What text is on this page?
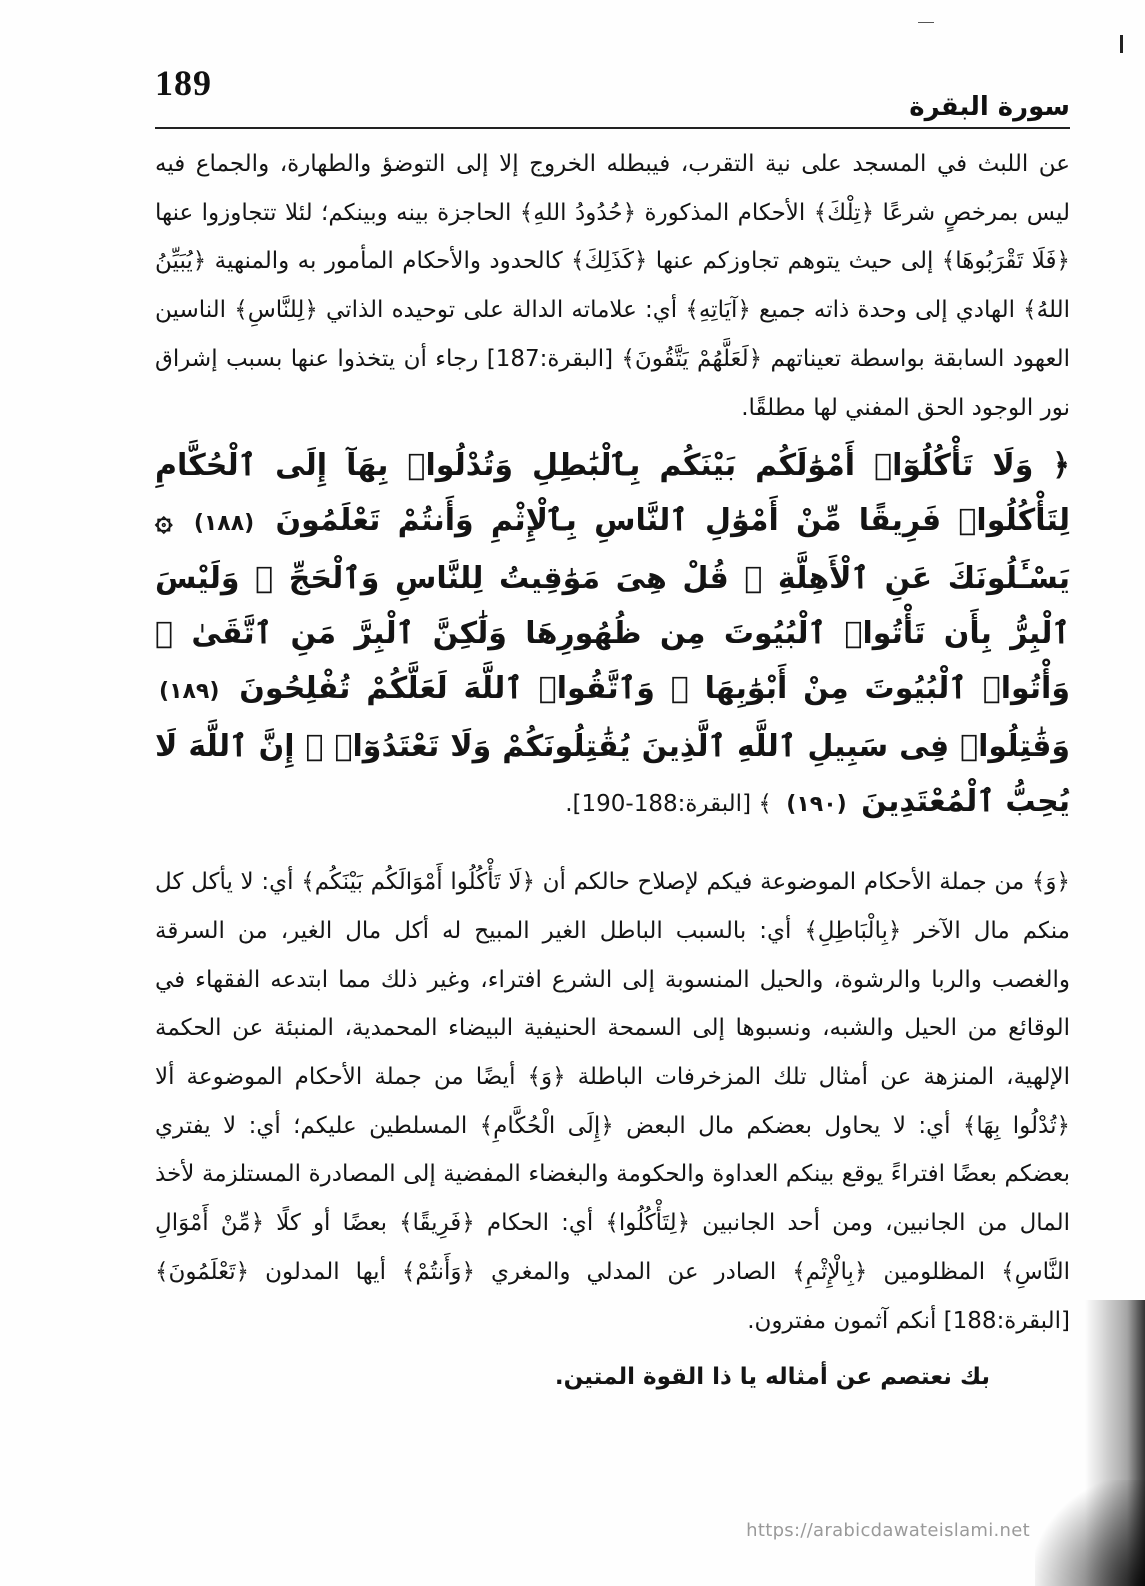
189
سورة البقرة

عن اللبث في المسجد على نية التقرب، فيبطله الخروج إلا إلى التوضؤ والطهارة، والجماع فيه ليس بمرخصٍ شرعًا ﴿تِلْكَ﴾ الأحكام المذكورة ﴿حُدُودُ اللهِ﴾ الحاجزة بينه وبينكم؛ لئلا تتجاوزوا عنها ﴿فَلَا تَقْرَبُوهَا﴾ إلى حيث يتوهم تجاوزكم عنها ﴿كَذَلِكَ﴾ كالحدود والأحكام المأمور به والمنهية ﴿يُبَيِّنُ اللهُ﴾ الهادي إلى وحدة ذاته جميع ﴿آيَاتِهِ﴾ أي: علاماته الدالة على توحيده الذاتي ﴿لِلنَّاسِ﴾ الناسين العهود السابقة بواسطة تعيناتهم ﴿لَعَلَّهُمْ يَتَّقُونَ﴾ [البقرة:187] رجاء أن يتخذوا عنها بسبب إشراق نور الوجود الحق المفني لها مطلقًا.

﴿ وَلَا تَأْكُلُوٓا۟ أَمْوَٰلَكُم بَيْنَكُم بِٱلْبَٰطِلِ وَتُدْلُوا۟ بِهَآ إِلَى ٱلْحُكَّامِ لِتَأْكُلُوا۟ فَرِيقًا مِّنْ أَمْوَٰلِ ٱلنَّاسِ بِٱلْإِثْمِ وَأَنتُمْ تَعْلَمُونَ (١٨٨) ۞ يَسْـَٔلُونَكَ عَنِ ٱلْأَهِلَّةِ ۖ قُلْ هِىَ مَوَٰقِيتُ لِلنَّاسِ وَٱلْحَجِّ ۗ وَلَيْسَ ٱلْبِرُّ بِأَن تَأْتُوا۟ ٱلْبُيُوتَ مِن ظُهُورِهَا وَلَٰكِنَّ ٱلْبِرَّ مَنِ ٱتَّقَىٰ ۗ وَأْتُوا۟ ٱلْبُيُوتَ مِنْ أَبْوَٰبِهَا ۚ وَٱتَّقُوا۟ ٱللَّهَ لَعَلَّكُمْ تُفْلِحُونَ (١٨٩) وَقَٰتِلُوا۟ فِى سَبِيلِ ٱللَّهِ ٱلَّذِينَ يُقَٰتِلُونَكُمْ وَلَا تَعْتَدُوٓا۟ ۚ إِنَّ ٱللَّهَ لَا يُحِبُّ ٱلْمُعْتَدِينَ (١٩٠) ﴾ [البقرة:188-190].

﴿وَ﴾ من جملة الأحكام الموضوعة فيكم لإصلاح حالكم أن ﴿لَا تَأْكُلُوا أَمْوَالَكُم بَيْنَكُم﴾ أي: لا يأكل كل منكم مال الآخر ﴿بِالْبَاطِلِ﴾ أي: بالسبب الباطل الغير المبيح له أكل مال الغير، من السرقة والغصب والربا والرشوة، والحيل المنسوبة إلى الشرع افتراء، وغير ذلك مما ابتدعه الفقهاء في الوقائع من الحيل والشبه، ونسبوها إلى السمحة الحنيفية البيضاء المحمدية، المنبئة عن الحكمة الإلهية، المنزهة عن أمثال تلك المزخرفات الباطلة ﴿وَ﴾ أيضًا من جملة الأحكام الموضوعة ألا ﴿تُدْلُوا بِهَا﴾ أي: لا يحاول بعضكم مال البعض ﴿إِلَى الْحُكَّامِ﴾ المسلطين عليكم؛ أي: لا يفتري بعضكم بعضًا افتراءً يوقع بينكم العداوة والحكومة والبغضاء المفضية إلى المصادرة المستلزمة لأخذ المال من الجانبين، ومن أحد الجانبين ﴿لِتَأْكُلُوا﴾ أي: الحكام ﴿فَرِيقًا﴾ بعضًا أو كلًا ﴿مِّنْ أَمْوَالِ النَّاسِ﴾ المظلومين ﴿بِالْإِثْمِ﴾ الصادر عن المدلي والمغري ﴿وَأَنتُمْ﴾ أيها المدلون ﴿تَعْلَمُونَ﴾ [البقرة:188] أنكم آثمون مفترون.

بك نعتصم عن أمثاله يا ذا القوة المتين.
https://arabicdawateislami.net
